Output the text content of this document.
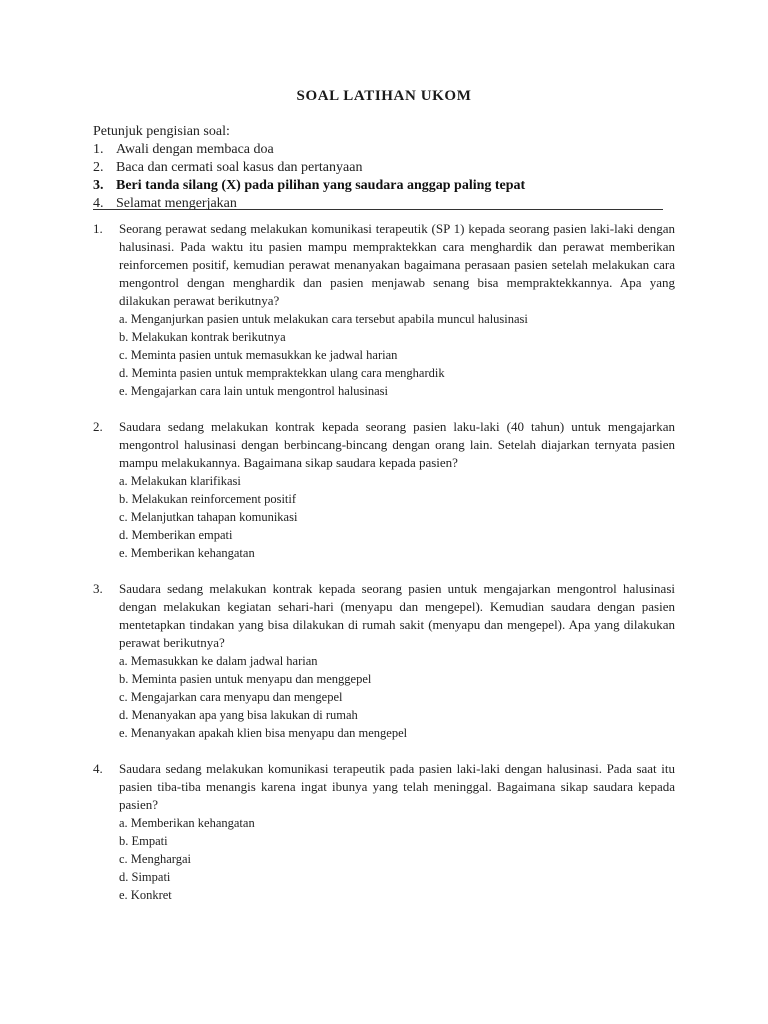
SOAL LATIHAN UKOM
Petunjuk pengisian soal:
1. Awali dengan membaca doa
2. Baca dan cermati soal kasus dan pertanyaan
3. Beri tanda silang (X) pada pilihan yang saudara anggap paling tepat
4. Selamat mengerjakan
1.	Seorang perawat sedang melakukan komunikasi terapeutik (SP 1) kepada seorang pasien laki-laki dengan halusinasi. Pada waktu itu pasien mampu mempraktekkan cara menghardik dan perawat memberikan reinforcemen positif, kemudian perawat menanyakan bagaimana perasaan pasien setelah melakukan cara mengontrol dengan menghardik dan pasien menjawab senang bisa mempraktekkannya. Apa yang dilakukan perawat berikutnya?

a. Menganjurkan pasien untuk melakukan cara tersebut apabila muncul halusinasi
b. Melakukan kontrak berikutnya
c. Meminta pasien untuk memasukkan ke jadwal harian
d. Meminta pasien untuk mempraktekkan ulang cara menghardik
e. Mengajarkan cara lain untuk mengontrol halusinasi
2.	Saudara sedang melakukan kontrak kepada seorang pasien laku-laki (40 tahun) untuk mengajarkan mengontrol halusinasi dengan berbincang-bincang dengan orang lain. Setelah diajarkan ternyata pasien mampu melakukannya. Bagaimana sikap saudara kepada pasien?

a. Melakukan klarifikasi
b. Melakukan reinforcement positif
c. Melanjutkan tahapan komunikasi
d. Memberikan empati
e. Memberikan kehangatan
3.	Saudara sedang melakukan kontrak kepada seorang pasien untuk mengajarkan mengontrol halusinasi dengan melakukan kegiatan sehari-hari (menyapu dan mengepel). Kemudian saudara dengan pasien mentetapkan tindakan yang bisa dilakukan di rumah sakit (menyapu dan mengepel). Apa yang dilakukan perawat berikutnya?

a. Memasukkan ke dalam jadwal harian
b. Meminta pasien untuk menyapu dan menggepel
c. Mengajarkan cara menyapu dan mengepel
d. Menanyakan apa yang bisa lakukan di rumah
e. Menanyakan apakah klien bisa menyapu dan mengepel
4.	Saudara sedang melakukan komunikasi terapeutik pada pasien laki-laki dengan halusinasi. Pada saat itu pasien tiba-tiba menangis karena ingat ibunya yang telah meninggal. Bagaimana sikap saudara kepada pasien?

a. Memberikan kehangatan
b. Empati
c. Menghargai
d. Simpati
e. Konkret
